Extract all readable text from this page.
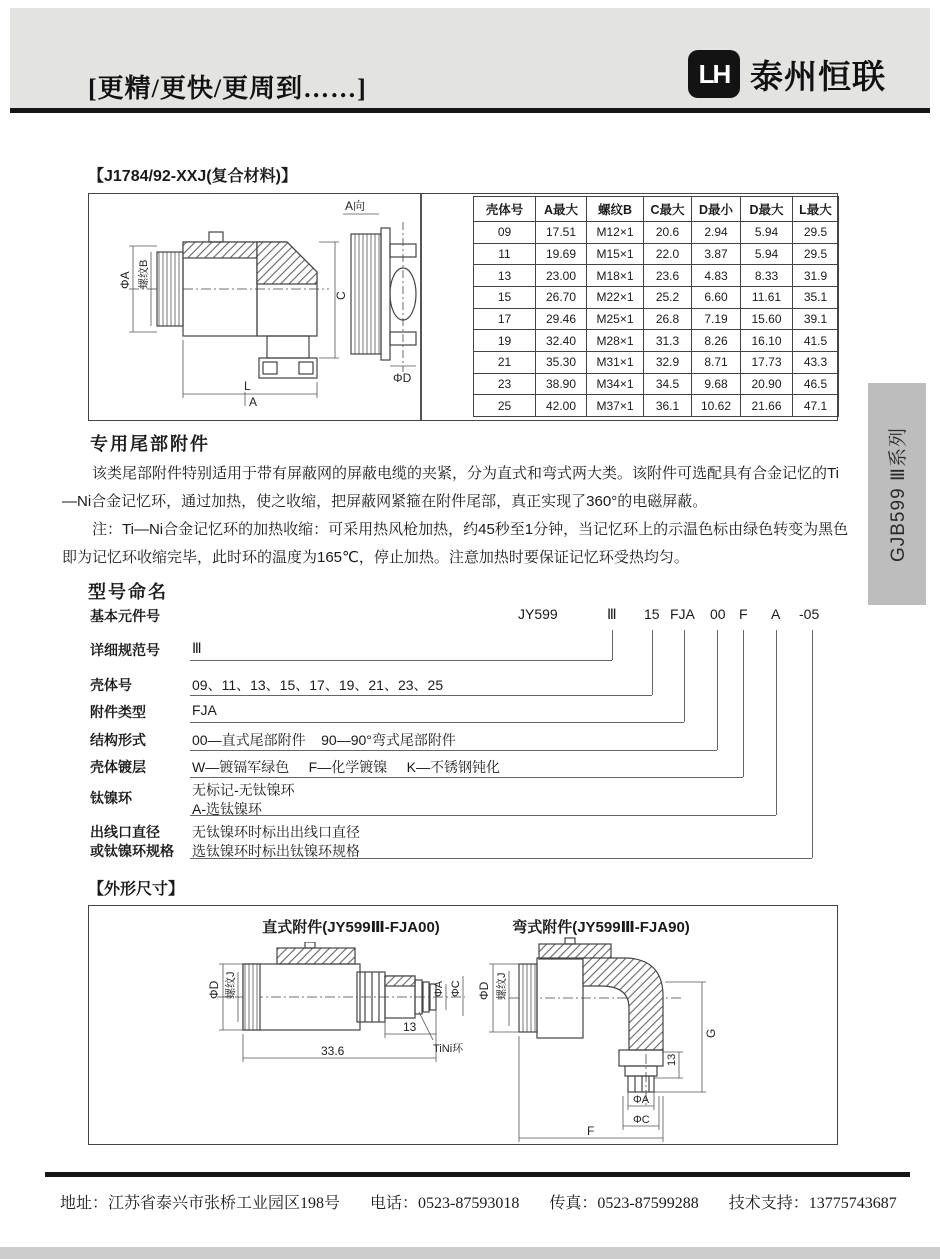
[更精/更快/更周到……]	LH 泰州恒联
GJB599 Ⅲ系列
【J1784/92-XXJ(复合材料)】
A向
ΦA 螺纹B
C
L
A
ΦD
壳体号	A最大	螺纹B	C最大	D最小	D最大	L最大
09	17.51	M12×1	20.6	2.94	5.94	29.5
11	19.69	M15×1	22.0	3.87	5.94	29.5
13	23.00	M18×1	23.6	4.83	8.33	31.9
15	26.70	M22×1	25.2	6.60	11.61	35.1
17	29.46	M25×1	26.8	7.19	15.60	39.1
19	32.40	M28×1	31.3	8.26	16.10	41.5
21	35.30	M31×1	32.9	8.71	17.73	43.3
23	38.90	M34×1	34.5	9.68	20.90	46.5
25	42.00	M37×1	36.1	10.62	21.66	47.1
专用尾部附件

该类尾部附件特别适用于带有屏蔽网的屏蔽电缆的夹紧，分为直式和弯式两大类。该附件可选配具有合金记忆的Ti—Ni合金记忆环，通过加热，使之收缩，把屏蔽网紧箍在附件尾部，真正实现了360°的电磁屏蔽。

注：Ti—Ni合金记忆环的加热收缩：可采用热风枪加热，约45秒至1分钟，当记忆环上的示温色标由绿色转变为黑色即为记忆环收缩完毕，此时环的温度为165℃，停止加热。注意加热时要保证记忆环受热均匀。

型号命名
基本元件号	JY599	Ⅲ 15 FJA 00 F A -05
详细规范号 Ⅲ
壳体号	09、11、13、15、17、19、21、23、25
附件类型	FJA
结构形式	00—直式尾部附件    90—90°弯式尾部附件
壳体镀层	W—镀镉军绿色     F—化学镀镍     K—不锈钢钝化
钛镍环	无标记-无钛镍环
A-选钛镍环
出线口直径
或钛镍环规格
无钛镍环时标出出线口直径
选钛镍环时标出钛镍环规格
【外形尺寸】
直式附件(JY599Ⅲ-FJA00)	弯式附件(JY599Ⅲ-FJA90)
ΦD 螺纹J	ΦA ΦC
13
TiNi环
33.6
ΦD 螺纹J
G
13
ΦA
ΦC
F
地址：江苏省泰兴市张桥工业园区198号 电话：0523-87593018 传真：0523-87599288 技术支持：13775743687
